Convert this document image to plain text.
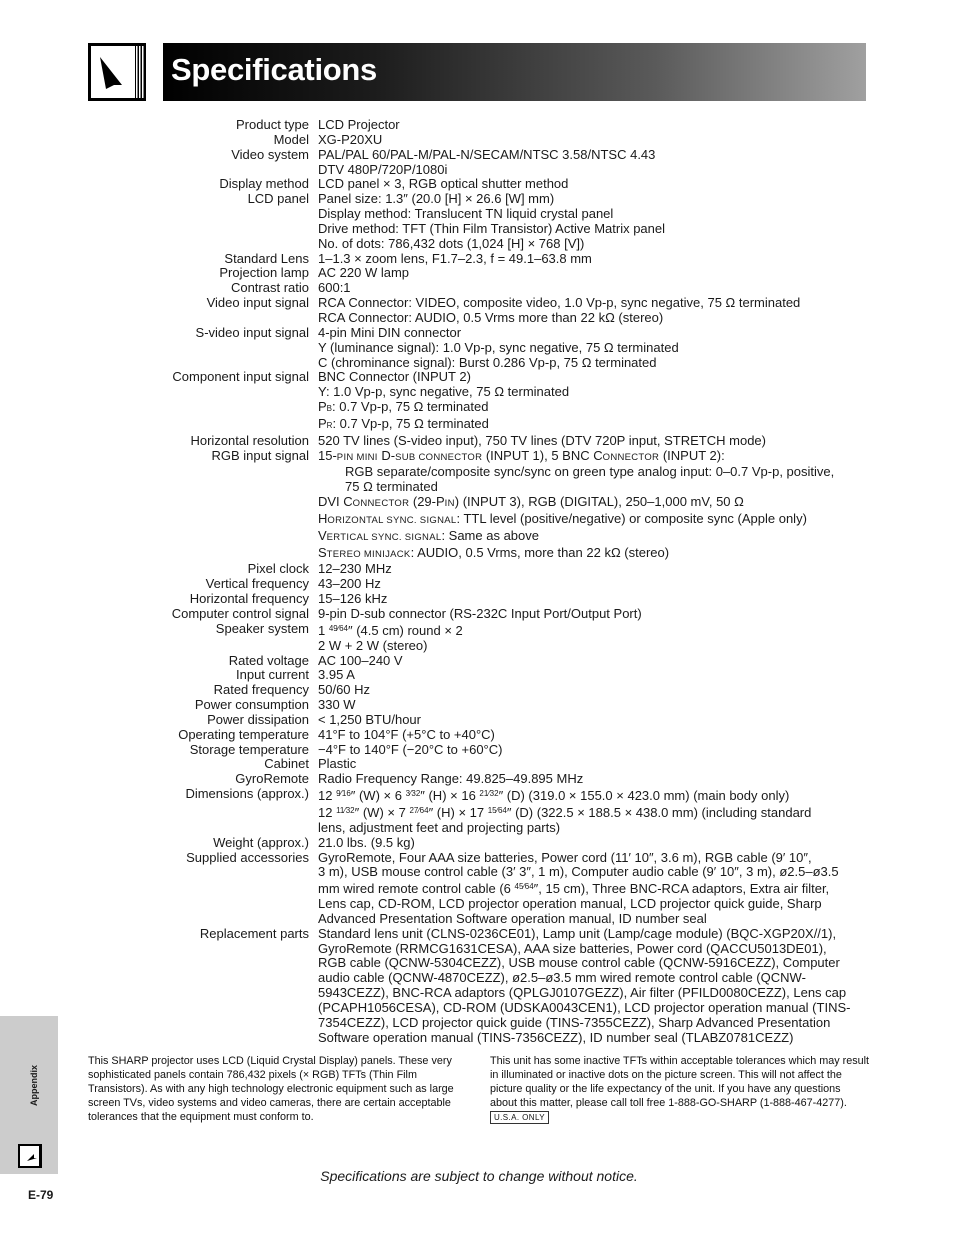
Specifications
Product type LCD Projector
Model XG-P20XU
Video system PAL/PAL 60/PAL-M/PAL-N/SECAM/NTSC 3.58/NTSC 4.43
DTV 480P/720P/1080i
Display method LCD panel × 3, RGB optical shutter method
LCD panel Panel size: 1.3″ (20.0 [H] × 26.6 [W] mm)
Display method: Translucent TN liquid crystal panel
Drive method: TFT (Thin Film Transistor) Active Matrix panel
No. of dots: 786,432 dots (1,024 [H] × 768 [V])
Standard Lens 1–1.3 × zoom lens, F1.7–2.3, f = 49.1–63.8 mm
Projection lamp AC 220 W lamp
Contrast ratio 600:1
Video input signal RCA Connector: VIDEO, composite video, 1.0 Vp-p, sync negative, 75 Ω terminated
RCA Connector: AUDIO, 0.5 Vrms more than 22 kΩ (stereo)
S-video input signal 4-pin Mini DIN connector
Y (luminance signal): 1.0 Vp-p, sync negative, 75 Ω terminated
C (chrominance signal): Burst 0.286 Vp-p, 75 Ω terminated
Component input signal BNC Connector (INPUT 2)
Y: 1.0 Vp-p, sync negative, 75 Ω terminated
PB: 0.7 Vp-p, 75 Ω terminated
PR: 0.7 Vp-p, 75 Ω terminated
Horizontal resolution 520 TV lines (S-video input), 750 TV lines (DTV 720P input, STRETCH mode)
RGB input signal 15-PIN MINI D-SUB CONNECTOR (INPUT 1), 5 BNC CONNECTOR (INPUT 2):
RGB separate/composite sync/sync on green type analog input: 0–0.7 Vp-p, positive,
75 Ω terminated
DVI CONNECTOR (29-PIN) (INPUT 3), RGB (DIGITAL), 250–1,000 mV, 50 Ω
HORIZONTAL SYNC. SIGNAL: TTL level (positive/negative) or composite sync (Apple only)
VERTICAL SYNC. SIGNAL: Same as above
STEREO MINIJACK: AUDIO, 0.5 Vrms, more than 22 kΩ (stereo)
Pixel clock 12–230 MHz
Vertical frequency 43–200 Hz
Horizontal frequency 15–126 kHz
Computer control signal 9-pin D-sub connector (RS-232C Input Port/Output Port)
Speaker system 1 $^{49⁄64}$″ (4.5 cm) round × 2
2 W + 2 W (stereo)
Rated voltage AC 100–240 V
Input current 3.95 A
Rated frequency 50/60 Hz
Power consumption 330 W
Power dissipation < 1,250 BTU/hour
Operating temperature 41°F to 104°F (+5°C to +40°C)
Storage temperature −4°F to 140°F (−20°C to +60°C)
Cabinet Plastic
GyroRemote Radio Frequency Range: 49.825–49.895 MHz
Dimensions (approx.) 12 $^{9⁄16}$″ (W) × 6 $^{3⁄32}$″ (H) × 16 $^{21⁄32}$″ (D) (319.0 × 155.0 × 423.0 mm) (main body only)
12 $^{11⁄32}$″ (W) × 7 $^{27⁄64}$″ (H) × 17 $^{15⁄64}$″ (D) (322.5 × 188.5 × 438.0 mm) (including standard
lens, adjustment feet and projecting parts)
Weight (approx.) 21.0 lbs. (9.5 kg)
Supplied accessories GyroRemote, Four AAA size batteries, Power cord (11′ 10″, 3.6 m), RGB cable (9′ 10″,
3 m), USB mouse control cable (3′ 3″, 1 m), Computer audio cable (9′ 10″, 3 m), ø2.5–ø3.5
mm wired remote control cable (6 $^{45⁄64}$″, 15 cm), Three BNC-RCA adaptors, Extra air filter,
Lens cap, CD-ROM, LCD projector operation manual, LCD projector quick guide, Sharp
Advanced Presentation Software operation manual, ID number seal
Replacement parts Standard lens unit (CLNS-0236CE01), Lamp unit (Lamp/cage module) (BQC-XGP20X//1),
GyroRemote (RRMCG1631CESA), AAA size batteries, Power cord (QACCU5013DE01),
RGB cable (QCNW-5304CEZZ), USB mouse control cable (QCNW-5916CEZZ), Computer
audio cable (QCNW-4870CEZZ), ø2.5–ø3.5 mm wired remote control cable (QCNW-
5943CEZZ), BNC-RCA adaptors (QPLGJ0107GEZZ), Air filter (PFILD0080CEZZ), Lens cap
(PCAPH1056CESA), CD-ROM (UDSKA0043CEN1), LCD projector operation manual (TINS-
7354CEZZ), LCD projector quick guide (TINS-7355CEZZ), Sharp Advanced Presentation
Software operation manual (TINS-7356CEZZ), ID number seal (TLABZ0781CEZZ)
Appendix
This SHARP projector uses LCD (Liquid Crystal Display) panels. These very sophisticated panels contain 786,432 pixels (× RGB) TFTs (Thin Film Transistors). As with any high technology electronic equipment such as large screen TVs, video systems and video cameras, there are certain acceptable tolerances that the equipment must conform to.
This unit has some inactive TFTs within acceptable tolerances which may result in illuminated or inactive dots on the picture screen. This will not affect the picture quality or the life expectancy of the unit. If you have any questions about this matter, please call toll free 1-888-GO-SHARP (1-888-467-4277). U.S.A. ONLY
Specifications are subject to change without notice.
E-79
